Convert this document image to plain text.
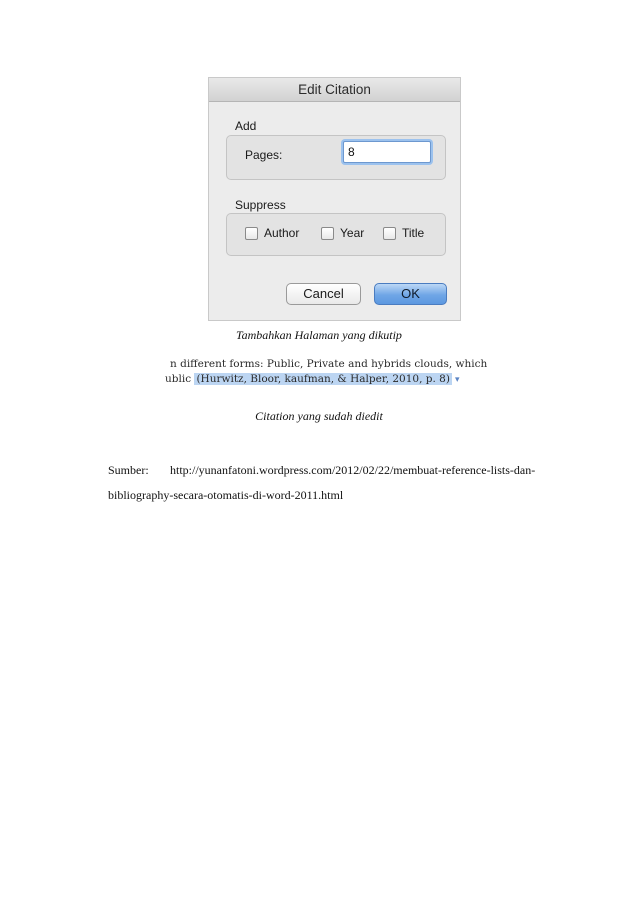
Edit Citation
Add
Pages:
8
Suppress
Author	Year	Title
Cancel	OK
Tambahkan Halaman yang dikutip
n different forms: Public, Private and hybrids clouds, which
ublic (Hurwitz, Bloor, kaufman, & Halper, 2010, p. 8) ▾
Citation yang sudah diedit
Sumber: http://yunanfatoni.wordpress.com/2012/02/22/membuat-reference-lists-dan-
bibliography-secara-otomatis-di-word-2011.html
